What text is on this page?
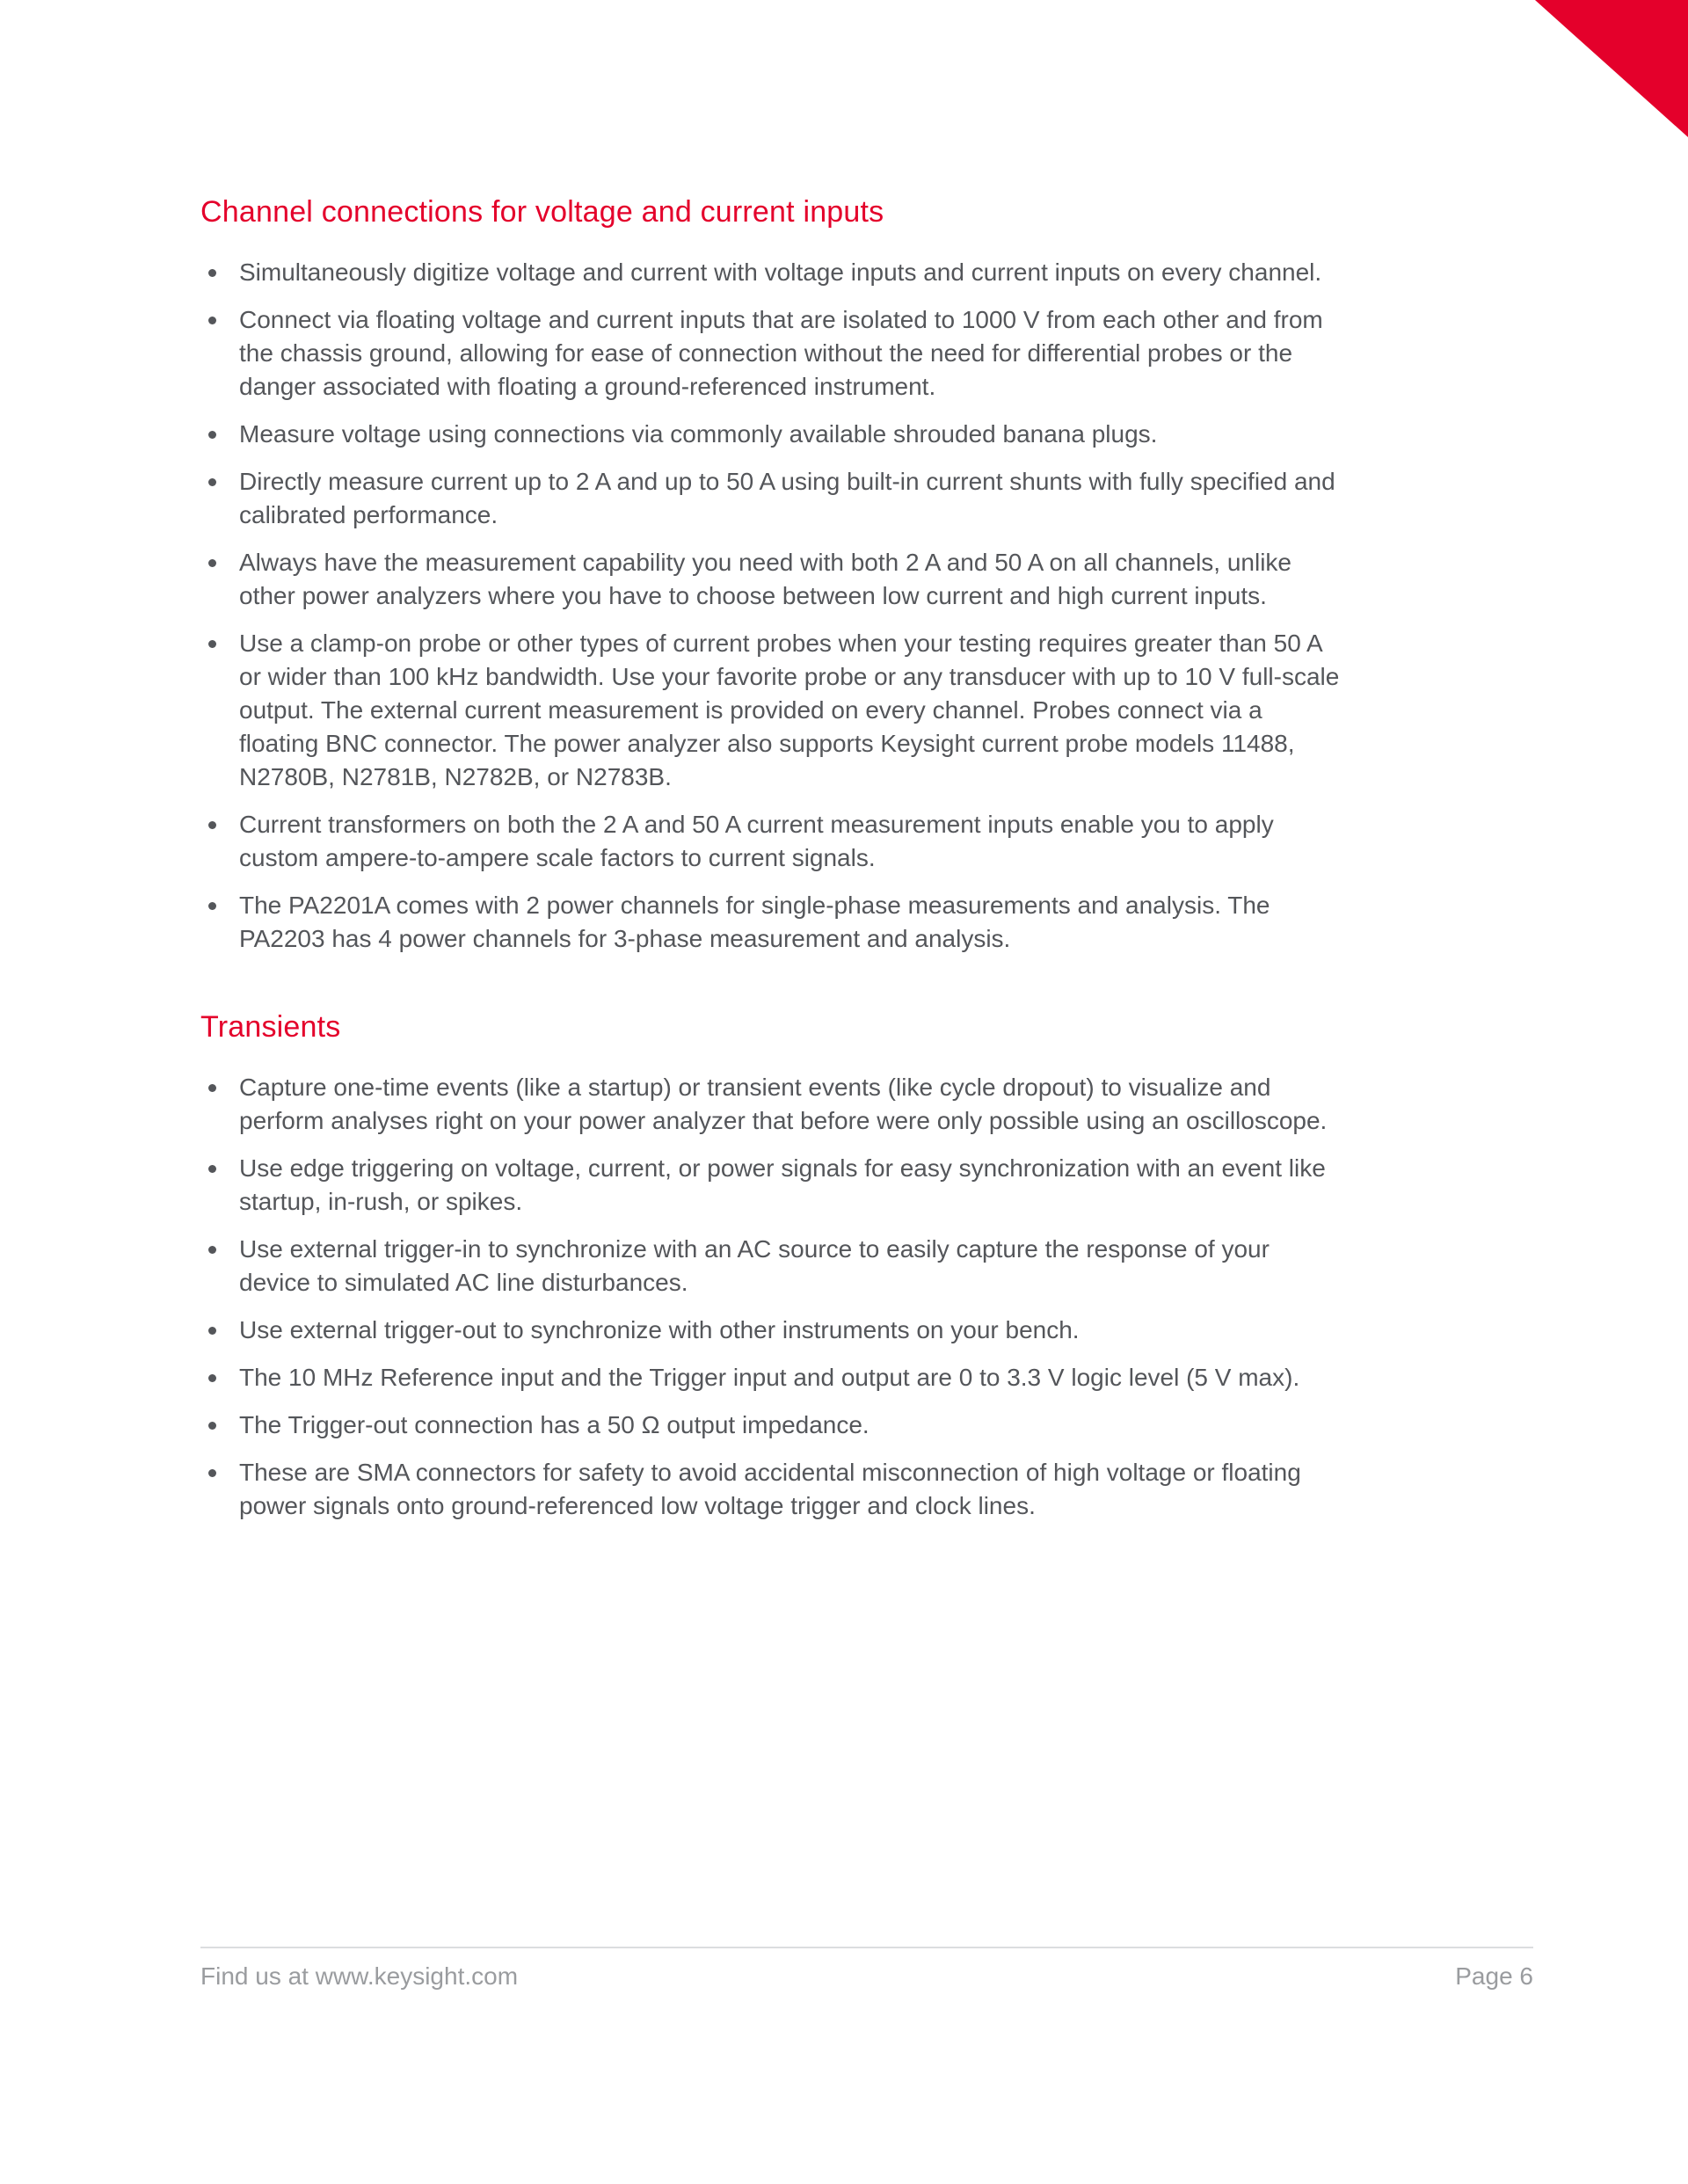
Channel connections for voltage and current inputs
Simultaneously digitize voltage and current with voltage inputs and current inputs on every channel.
Connect via floating voltage and current inputs that are isolated to 1000 V from each other and from the chassis ground, allowing for ease of connection without the need for differential probes or the danger associated with floating a ground-referenced instrument.
Measure voltage using connections via commonly available shrouded banana plugs.
Directly measure current up to 2 A and up to 50 A using built-in current shunts with fully specified and calibrated performance.
Always have the measurement capability you need with both 2 A and 50 A on all channels, unlike other power analyzers where you have to choose between low current and high current inputs.
Use a clamp-on probe or other types of current probes when your testing requires greater than 50 A or wider than 100 kHz bandwidth. Use your favorite probe or any transducer with up to 10 V full-scale output. The external current measurement is provided on every channel. Probes connect via a floating BNC connector. The power analyzer also supports Keysight current probe models 11488, N2780B, N2781B, N2782B, or N2783B.
Current transformers on both the 2 A and 50 A current measurement inputs enable you to apply custom ampere-to-ampere scale factors to current signals.
The PA2201A comes with 2 power channels for single-phase measurements and analysis. The PA2203 has 4 power channels for 3-phase measurement and analysis.
Transients
Capture one-time events (like a startup) or transient events (like cycle dropout) to visualize and perform analyses right on your power analyzer that before were only possible using an oscilloscope.
Use edge triggering on voltage, current, or power signals for easy synchronization with an event like startup, in-rush, or spikes.
Use external trigger-in to synchronize with an AC source to easily capture the response of your device to simulated AC line disturbances.
Use external trigger-out to synchronize with other instruments on your bench.
The 10 MHz Reference input and the Trigger input and output are 0 to 3.3 V logic level (5 V max).
The Trigger-out connection has a 50 Ω output impedance.
These are SMA connectors for safety to avoid accidental misconnection of high voltage or floating power signals onto ground-referenced low voltage trigger and clock lines.
Find us at www.keysight.com	Page 6
